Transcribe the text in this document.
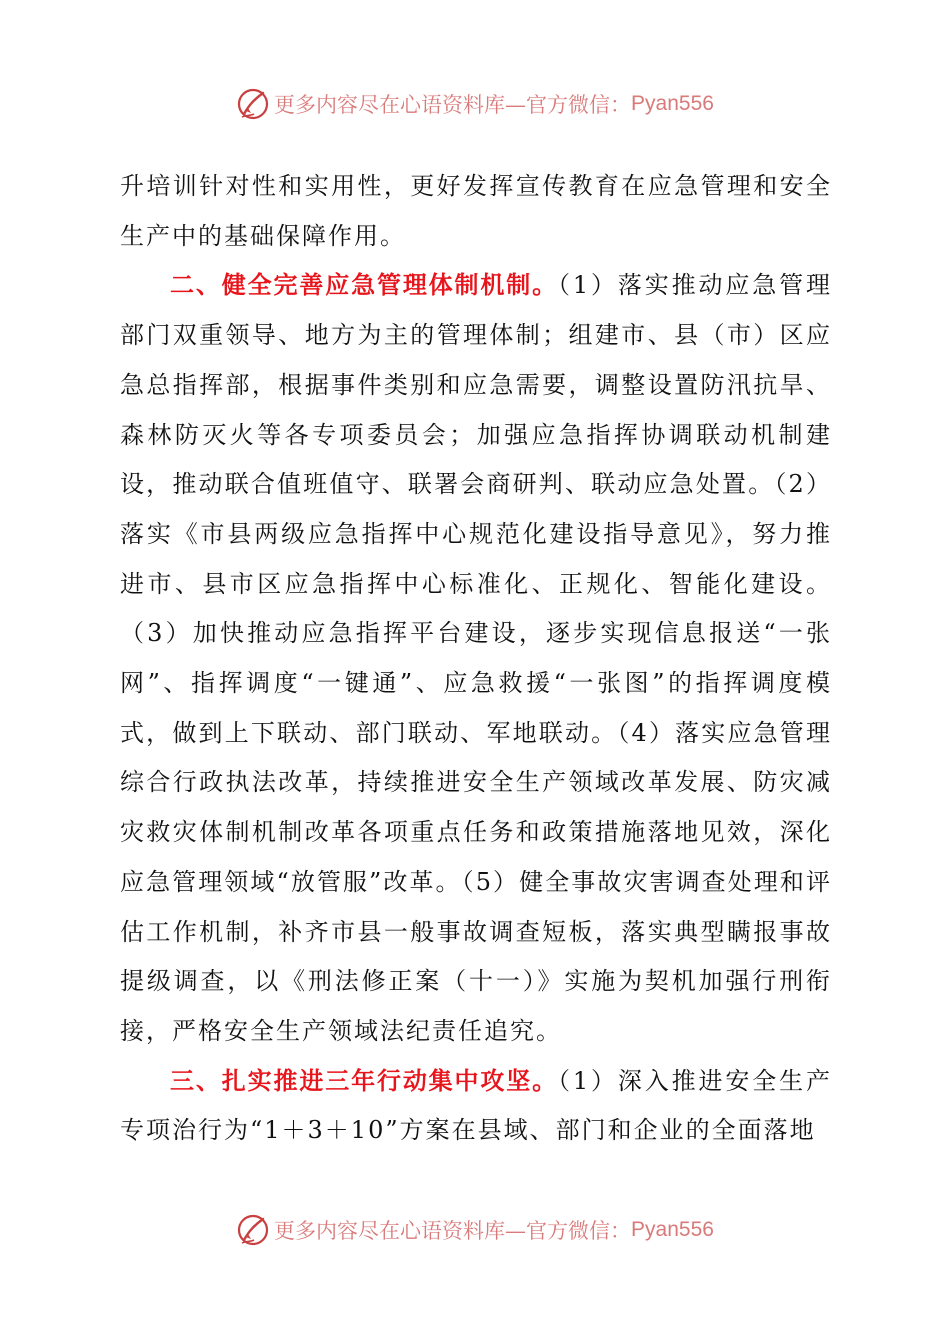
更多内容尽在心语资料库—官方微信： Pyan556

升培训针对性和实用性，更好发挥宣传教育在应急管理和安全生产中的基础保障作用。

二、健全完善应急管理体制机制。（1）落实推动应急管理部门双重领导、地方为主的管理体制；组建市、县（市）区应急总指挥部，根据事件类别和应急需要，调整设置防汛抗旱、森林防灭火等各专项委员会；加强应急指挥协调联动机制建设，推动联合值班值守、联署会商研判、联动应急处置。（2）落实《市县两级应急指挥中心规范化建设指导意见》，努力推进市、县市区应急指挥中心标准化、正规化、智能化建设。（3）加快推动应急指挥平台建设，逐步实现信息报送“一张网”、指挥调度“一键通”、应急救援“一张图”的指挥调度模式，做到上下联动、部门联动、军地联动。（4）落实应急管理综合行政执法改革，持续推进安全生产领域改革发展、防灾减灾救灾体制机制改革各项重点任务和政策措施落地见效，深化应急管理领域“放管服”改革。（5）健全事故灾害调查处理和评估工作机制，补齐市县一般事故调查短板，落实典型瞒报事故提级调查，以《刑法修正案（十一）》实施为契机加强行刑衔接，严格安全生产领域法纪责任追究。

三、扎实推进三年行动集中攻坚。（1）深入推进安全生产专项治行为“1＋3＋10”方案在县域、部门和企业的全面落地

更多内容尽在心语资料库—官方微信： Pyan556
